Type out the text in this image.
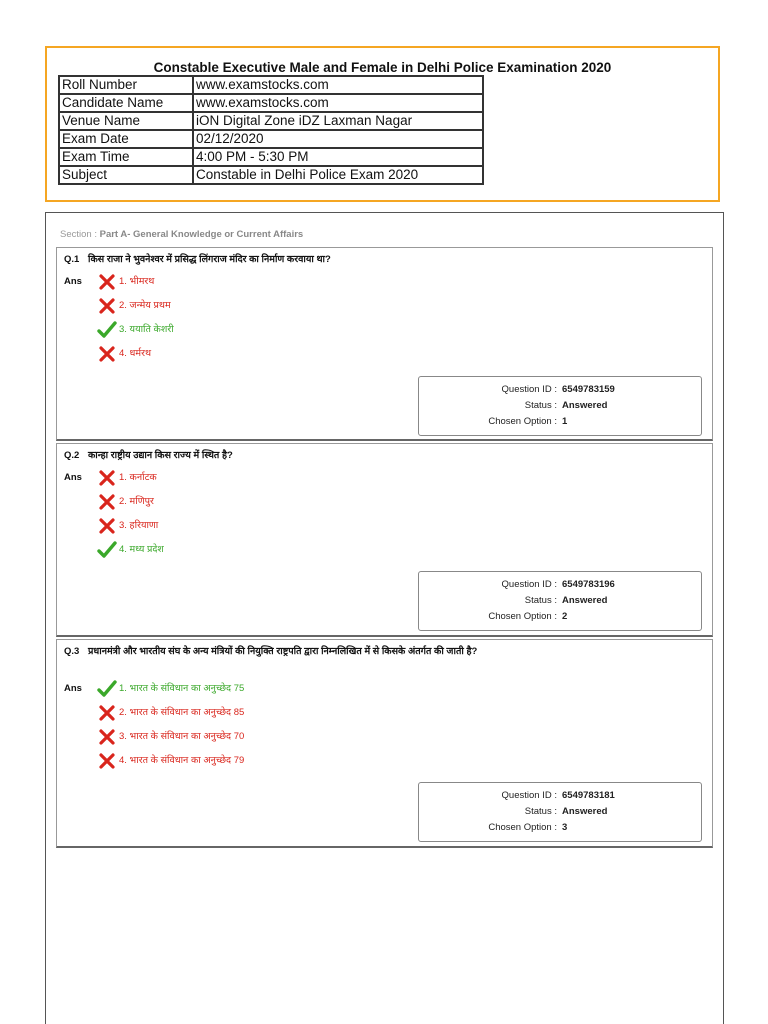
Constable Executive Male and Female in Delhi Police Examination 2020
Roll Number	www.examstocks.com
Candidate Name	www.examstocks.com
Venue Name	iON Digital Zone iDZ Laxman Nagar
Exam Date	02/12/2020
Exam Time	4:00 PM - 5:30 PM
Subject	Constable in Delhi Police Exam 2020
Section : Part A- General Knowledge or Current Affairs
Q.1 किस राजा ने भुवनेश्वर में प्रसिद्ध लिंगराज मंदिर का निर्माण करवाया था?
Ans	1. भीमरथ
2. जन्मेय प्रथम
3. ययाति केशरी
4. धर्मरथ
Question ID : 6549783159
Status : Answered
Chosen Option : 1
Q.2 कान्हा राष्ट्रीय उद्यान किस राज्य में स्थित है?
Ans	1. कर्नाटक
2. मणिपुर
3. हरियाणा
4. मध्य प्रदेश
Question ID : 6549783196
Status : Answered
Chosen Option : 2
Q.3 प्रधानमंत्री और भारतीय संघ के अन्य मंत्रियों की नियुक्ति राष्ट्रपति द्वारा निम्नलिखित में से किसके अंतर्गत की जाती है?
Ans	1. भारत के संविधान का अनुच्छेद 75
2. भारत के संविधान का अनुच्छेद 85
3. भारत के संविधान का अनुच्छेद 70
4. भारत के संविधान का अनुच्छेद 79
Question ID : 6549783181
Status : Answered
Chosen Option : 3
